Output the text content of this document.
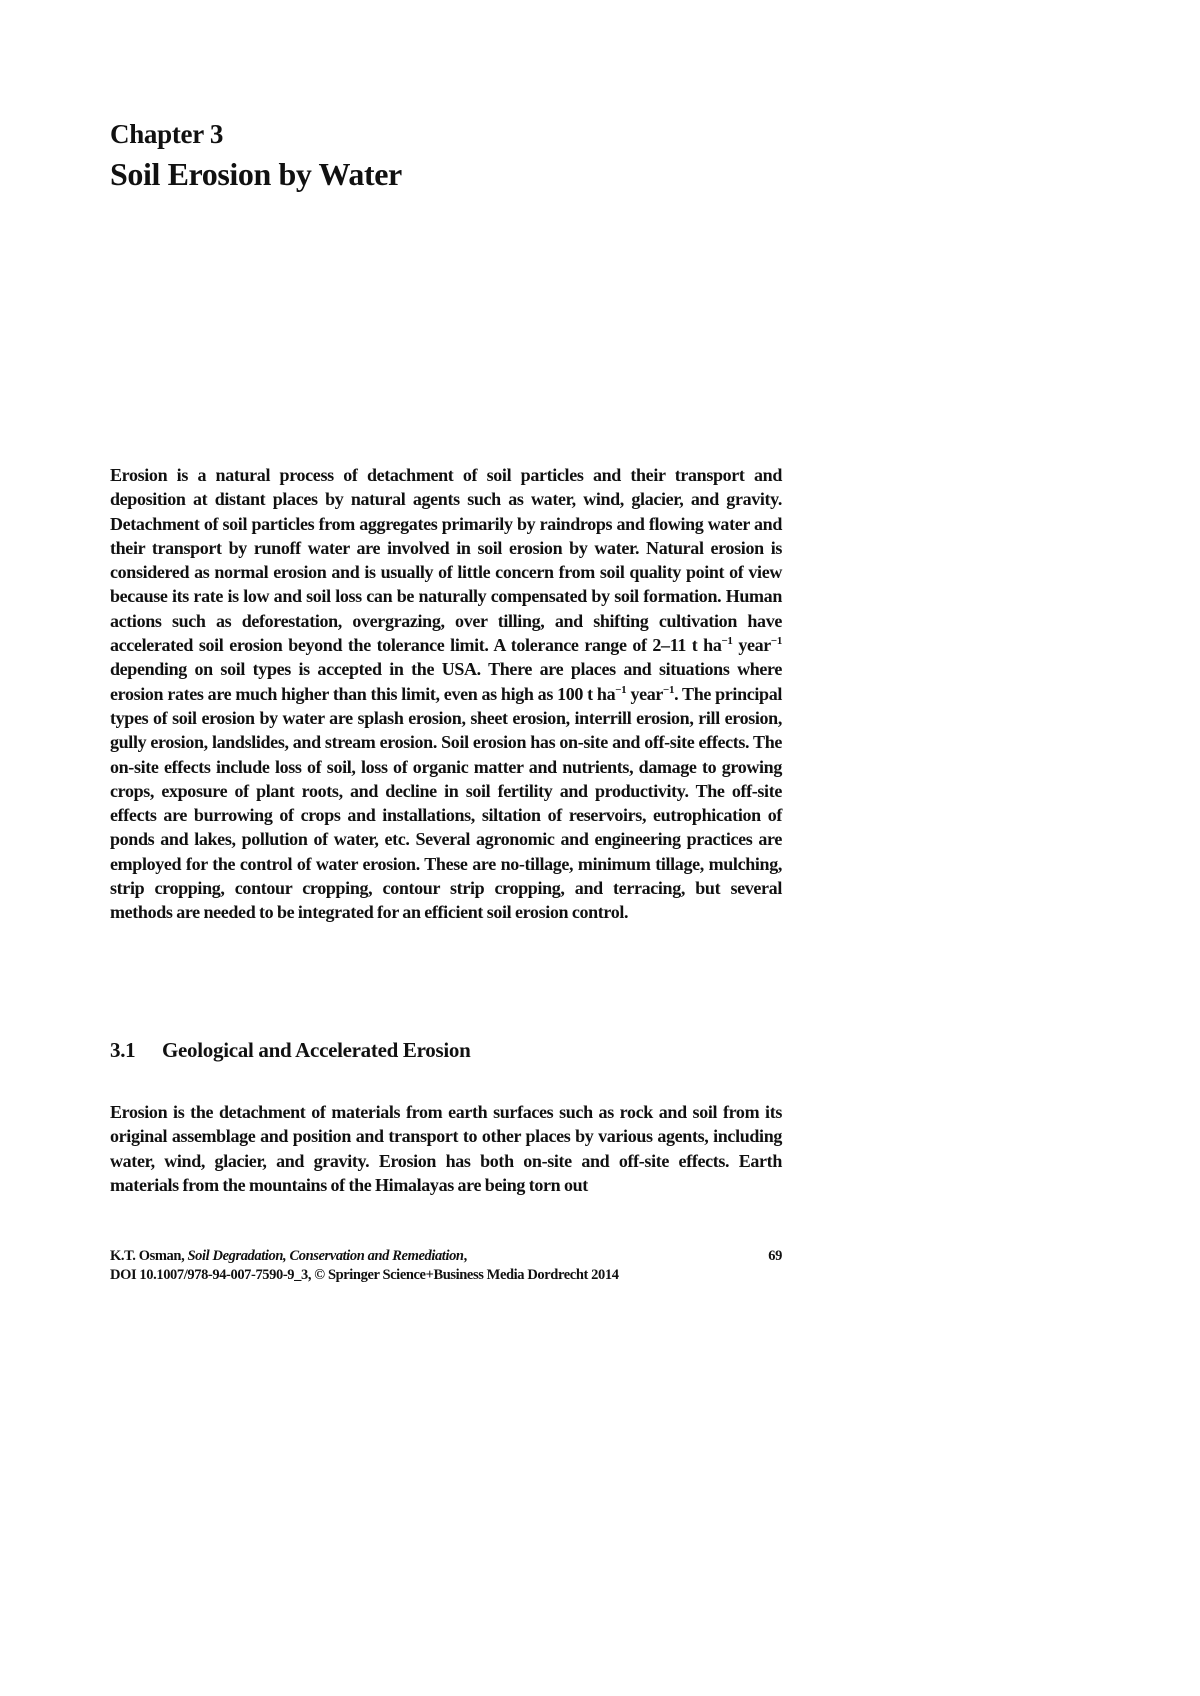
Chapter 3
Soil Erosion by Water

Erosion is a natural process of detachment of soil particles and their transport and deposition at distant places by natural agents such as water, wind, glacier, and gravity. Detachment of soil particles from aggregates primarily by raindrops and flowing water and their transport by runoff water are involved in soil erosion by water. Natural erosion is considered as normal erosion and is usually of little concern from soil quality point of view because its rate is low and soil loss can be naturally compensated by soil formation. Human actions such as deforestation, overgrazing, over tilling, and shifting cultivation have accelerated soil erosion beyond the tolerance limit. A tolerance range of 2–11 t $ha^{-1}$ year$^{-1}$ depending on soil types is accepted in the USA. There are places and situations where erosion rates are much higher than this limit, even as high as 100 t $ha^{-1}$ year$^{-1}$. The principal types of soil erosion by water are splash erosion, sheet erosion, interrill erosion, rill erosion, gully erosion, landslides, and stream erosion. Soil erosion has on-site and off-site effects. The on-site effects include loss of soil, loss of organic matter and nutrients, damage to growing crops, exposure of plant roots, and decline in soil fertility and productivity. The off-site effects are burrowing of crops and installations, siltation of reservoirs, eutrophication of ponds and lakes, pollution of water, etc. Several agronomic and engineering practices are employed for the control of water erosion. These are no-tillage, minimum tillage, mulching, strip cropping, contour cropping, contour strip cropping, and terracing, but several methods are needed to be integrated for an efficient soil erosion control.

3.1 Geological and Accelerated Erosion

Erosion is the detachment of materials from earth surfaces such as rock and soil from its original assemblage and position and transport to other places by various agents, including water, wind, glacier, and gravity. Erosion has both on-site and off-site effects. Earth materials from the mountains of the Himalayas are being torn out

K.T. Osman, Soil Degradation, Conservation and Remediation,
DOI 10.1007/978-94-007-7590-9_3, © Springer Science+Business Media Dordrecht 2014
69
